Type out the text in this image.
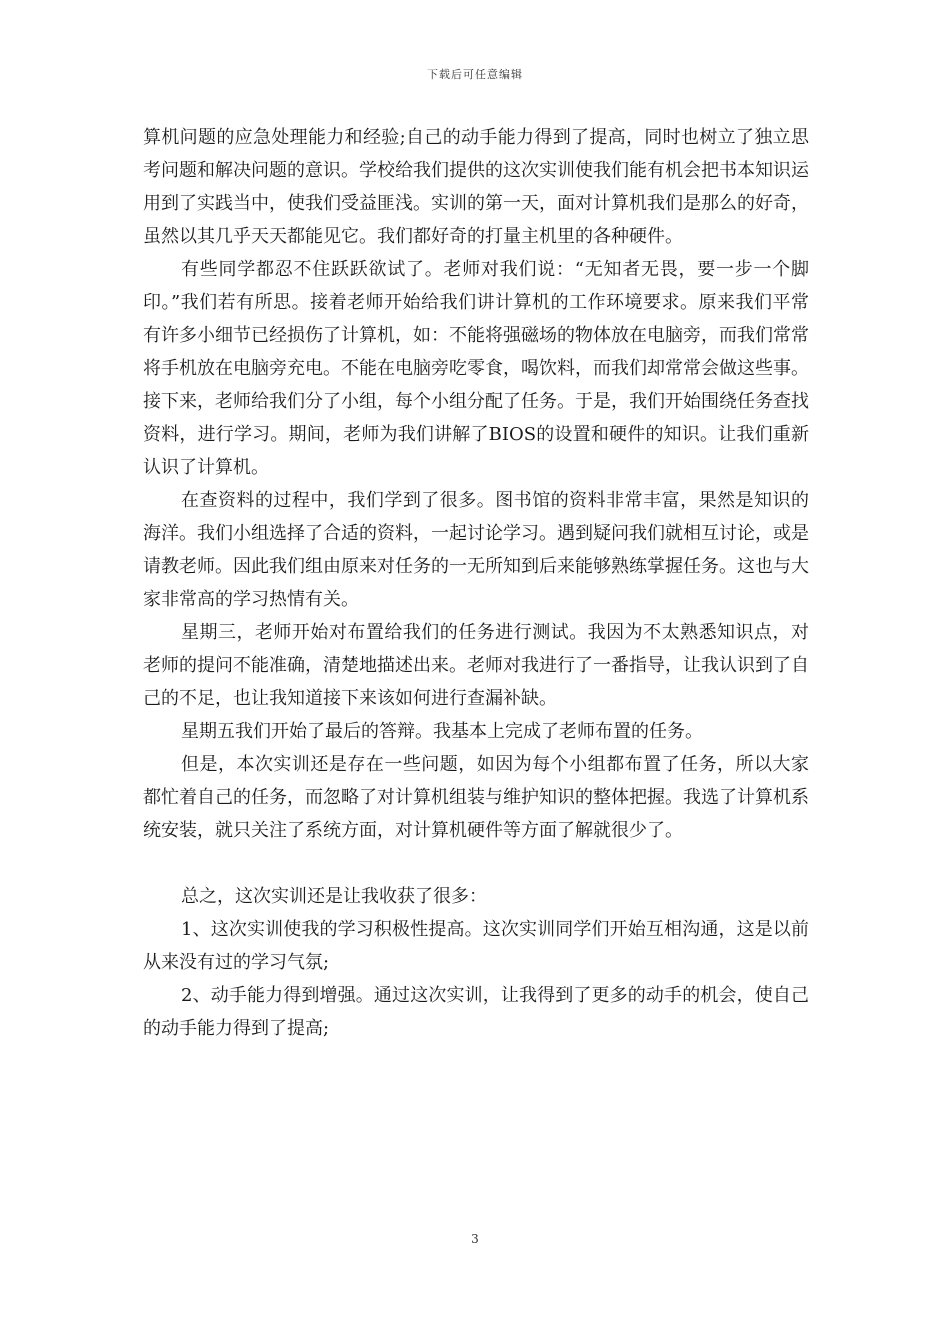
下载后可任意编辑

算机问题的应急处理能力和经验;自己的动手能力得到了提高，同时也树立了独立思考问题和解决问题的意识。学校给我们提供的这次实训使我们能有机会把书本知识运用到了实践当中，使我们受益匪浅。实训的第一天，面对计算机我们是那么的好奇，虽然以其几乎天天都能见它。我们都好奇的打量主机里的各种硬件。

有些同学都忍不住跃跃欲试了。老师对我们说：“无知者无畏，要一步一个脚印。”我们若有所思。接着老师开始给我们讲计算机的工作环境要求。原来我们平常有许多小细节已经损伤了计算机，如：不能将强磁场的物体放在电脑旁，而我们常常将手机放在电脑旁充电。不能在电脑旁吃零食，喝饮料，而我们却常常会做这些事。接下来，老师给我们分了小组，每个小组分配了任务。于是，我们开始围绕任务查找资料，进行学习。期间，老师为我们讲解了BIOS的设置和硬件的知识。让我们重新认识了计算机。

在查资料的过程中，我们学到了很多。图书馆的资料非常丰富，果然是知识的海洋。我们小组选择了合适的资料，一起讨论学习。遇到疑问我们就相互讨论，或是请教老师。因此我们组由原来对任务的一无所知到后来能够熟练掌握任务。这也与大家非常高的学习热情有关。

星期三，老师开始对布置给我们的任务进行测试。我因为不太熟悉知识点，对老师的提问不能准确，清楚地描述出来。老师对我进行了一番指导，让我认识到了自己的不足，也让我知道接下来该如何进行查漏补缺。

星期五我们开始了最后的答辩。我基本上完成了老师布置的任务。

但是，本次实训还是存在一些问题，如因为每个小组都布置了任务，所以大家都忙着自己的任务，而忽略了对计算机组装与维护知识的整体把握。我选了计算机系统安装，就只关注了系统方面，对计算机硬件等方面了解就很少了。

总之，这次实训还是让我收获了很多：

1、这次实训使我的学习积极性提高。这次实训同学们开始互相沟通，这是以前从来没有过的学习气氛;

2、动手能力得到增强。通过这次实训，让我得到了更多的动手的机会，使自己的动手能力得到了提高;

3
